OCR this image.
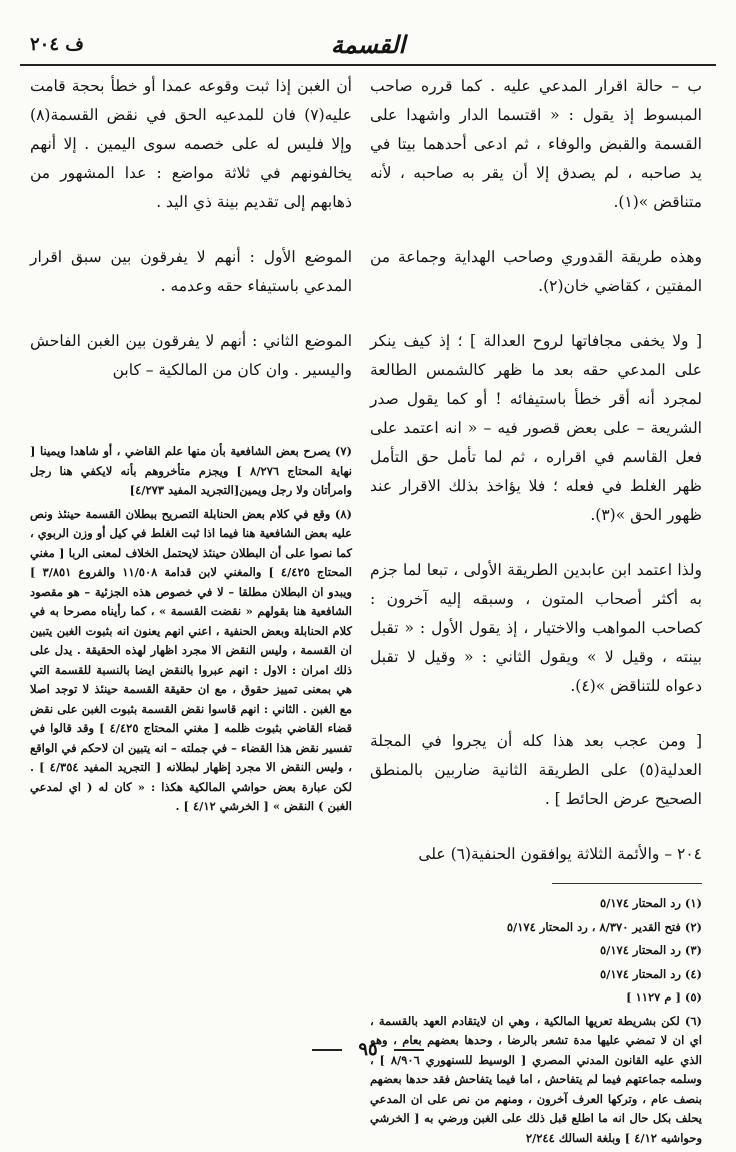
القسمة
ف ٢٠٤

ب – حالة اقرار المدعي عليه . كما قرره صاحب المبسوط إذ يقول : « اقتسما الدار واشهدا على القسمة والقبض والوفاء ، ثم ادعى أحدهما بيتا في يد صاحبه ، لم يصدق إلا أن يقر به صاحبه ، لأنه متناقض »(١).

وهذه طريقة القدوري وصاحب الهداية وجماعة من المفتين ، كقاضي خان(٢).

[ ولا يخفى مجافاتها لروح العدالة ] ؛ إذ كيف ينكر على المدعي حقه بعد ما ظهر كالشمس الطالعة لمجرد أنه أقر خطأ باستيفائه ! أو كما يقول صدر الشريعة – على بعض قصور فيه – « انه اعتمد على فعل القاسم في اقراره ، ثم لما تأمل حق التأمل ظهر الغلط في فعله ؛ فلا يؤاخذ بذلك الاقرار عند ظهور الحق »(٣).

ولذا اعتمد ابن عابدين الطريقة الأولى ، تبعا لما جزم به أكثر أصحاب المتون ، وسبقه إليه آخرون : كصاحب المواهب والاختيار ، إذ يقول الأول : « تقبل بينته ، وقيل لا » ويقول الثاني : « وقيل لا تقبل دعواه للتناقض »(٤).

[ ومن عجب بعد هذا كله أن يجروا في المجلة العدلية(٥) على الطريقة الثانية ضاربين بالمنطق الصحيح عرض الحائط ] .

٢٠٤ – والأئمة الثلاثة يوافقون الحنفية(٦) على

(١) رد المحتار ٥/١٧٤
(٢) فتح القدير ٨/٣٧٠ ، رد المحتار ٥/١٧٤
(٣) رد المحتار ٥/١٧٤
(٤) رد المحتار ٥/١٧٤
(٥) [ م ١١٢٧ ]
(٦) لكن بشريطة تعريها المالكية ، وهي ان لايتقادم العهد بالقسمة ، اي ان لا تمضي عليها مدة تشعر بالرضا ، وحدها بعضهم بعام ، وهو الذي عليه القانون المدني المصري [ الوسيط للسنهوري ٨/٩٠٦ ] ، وسلمه جماعتهم فيما لم يتفاحش ، اما فيما يتفاحش فقد حدها بعضهم بنصف عام ، وتركها العرف آخرون ، ومنهم من نص على ان المدعي يحلف بكل حال انه ما اطلع قبل ذلك على الغبن ورضي به [ الخرشي وحواشيه ٤/١٢ ] وبلغة السالك ٢/٢٤٤

أن الغبن إذا ثبت وقوعه عمدا أو خطأ بحجة قامت عليه(٧) فان للمدعيه الحق في نقض القسمة(٨) وإلا فليس له على خصمه سوى اليمين . إلا أنهم يخالفونهم في ثلاثة مواضع : عدا المشهور من ذهابهم إلى تقديم بينة ذي اليد .

الموضع الأول : أنهم لا يفرقون بين سبق اقرار المدعي باستيفاء حقه وعدمه .

الموضع الثاني : أنهم لا يفرقون بين الغبن الفاحش واليسير . وان كان من المالكية – كابن

(٧) يصرح بعض الشافعية بأن منها علم القاضي ، أو شاهدا ويمينا [ نهاية المحتاج ٨/٢٧٦ ] ويجزم متأخروهم بأنه لايكفي هنا رجل وامرأتان ولا رجل ويمين[التجريد المفيد ٤/٢٧٣]
(٨) وقع في كلام بعض الحنابلة التصريح ببطلان القسمة حينئذ ونص عليه بعض الشافعية هنا فيما اذا ثبت الغلط في كيل أو وزن الربوي ، كما نصوا على أن البطلان حينئذ لايحتمل الخلاف لمعنى الربا [ مغني المحتاج ٤/٤٢٥ ] والمغني لابن قدامة ١١/٥٠٨ والفروع ٣/٨٥١ ] ويبدو ان البطلان مطلقا – لا في خصوص هذه الجزئية – هو مقصود الشافعية هنا بقولهم « نقضت القسمة » ، كما رأيناه مصرحا به في كلام الحنابلة وبعض الحنفية ، اعني انهم يعنون انه بثبوت الغبن يتبين ان القسمة ، وليس النقض الا مجرد اظهار لهذه الحقيقة . يدل على ذلك امران : الاول : انهم عبروا بالنقض ايضا بالنسبة للقسمة التي هي بمعنى تمييز حقوق ، مع ان حقيقة القسمة حينئذ لا توجد اصلا مع الغبن . الثاني : انهم قاسوا نقض القسمة بثبوت الغبن على نقض قضاء القاضي بثبوت ظلمه [ مغني المحتاج ٤/٤٢٥ ] وقد قالوا في تفسير نقض هذا القضاء – في جملته – انه يتبين ان لاحكم في الواقع ، وليس النقض الا مجرد إظهار لبطلانه [ التجريد المفيد ٤/٣٥٤ ] . لكن عبارة بعض حواشي المالكية هكذا : « كان له ( اي لمدعي الغبن ) النقض » [ الخرشي ٤/١٢ ] .
٩٥
